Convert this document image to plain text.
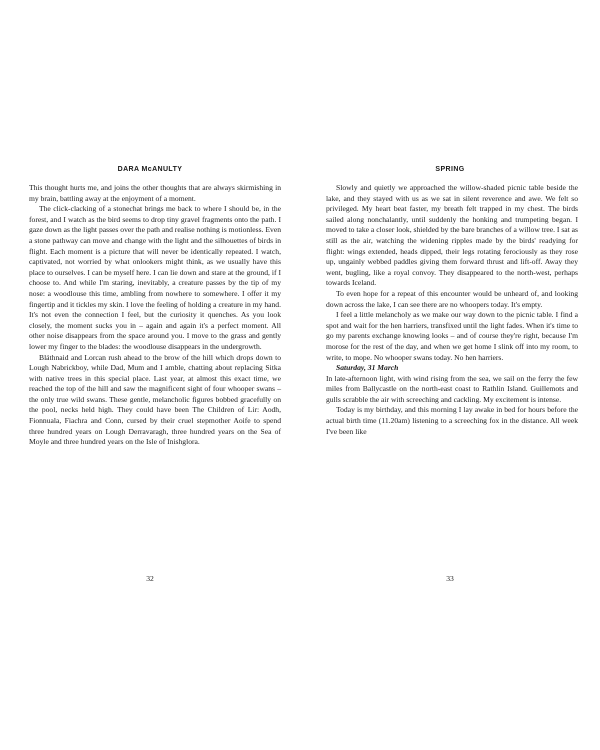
DARA McANULTY

This thought hurts me, and joins the other thoughts that are always skirmishing in my brain, battling away at the enjoyment of a moment.

The click-clacking of a stonechat brings me back to where I should be, in the forest, and I watch as the bird seems to drop tiny gravel fragments onto the path. I gaze down as the light passes over the path and realise nothing is motionless. Even a stone pathway can move and change with the light and the silhouettes of birds in flight. Each moment is a picture that will never be identically repeated. I watch, captivated, not worried by what onlookers might think, as we usually have this place to ourselves. I can be myself here. I can lie down and stare at the ground, if I choose to. And while I'm staring, inevitably, a creature passes by the tip of my nose: a woodlouse this time, ambling from nowhere to somewhere. I offer it my fingertip and it tickles my skin. I love the feeling of holding a creature in my hand. It's not even the connection I feel, but the curiosity it quenches. As you look closely, the moment sucks you in – again and again it's a perfect moment. All other noise disappears from the space around you. I move to the grass and gently lower my finger to the blades: the woodlouse disappears in the undergrowth.

Bláthnaid and Lorcan rush ahead to the brow of the hill which drops down to Lough Nabrickboy, while Dad, Mum and I amble, chatting about replacing Sitka with native trees in this special place. Last year, at almost this exact time, we reached the top of the hill and saw the magnificent sight of four whooper swans – the only true wild swans. These gentle, melancholic figures bobbed gracefully on the pool, necks held high. They could have been The Children of Lir: Aodh, Fionnuala, Fiachra and Conn, cursed by their cruel stepmother Aoife to spend three hundred years on Lough Derravaragh, three hundred years on the Sea of Moyle and three hundred years on the Isle of Inishglora.

32
SPRING

Slowly and quietly we approached the willow-shaded picnic table beside the lake, and they stayed with us as we sat in silent reverence and awe. We felt so privileged. My heart beat faster, my breath felt trapped in my chest. The birds sailed along nonchalantly, until suddenly the honking and trumpeting began. I moved to take a closer look, shielded by the bare branches of a willow tree. I sat as still as the air, watching the widening ripples made by the birds' readying for flight: wings extended, heads dipped, their legs rotating ferociously as they rose up, ungainly webbed paddles giving them forward thrust and lift-off. Away they went, bugling, like a royal convoy. They disappeared to the north-west, perhaps towards Iceland.

To even hope for a repeat of this encounter would be unheard of, and looking down across the lake, I can see there are no whoopers today. It's empty.

I feel a little melancholy as we make our way down to the picnic table. I find a spot and wait for the hen harriers, transfixed until the light fades. When it's time to go my parents exchange knowing looks – and of course they're right, because I'm morose for the rest of the day, and when we get home I slink off into my room, to write, to mope. No whooper swans today. No hen harriers.

Saturday, 31 March

In late-afternoon light, with wind rising from the sea, we sail on the ferry the few miles from Ballycastle on the north-east coast to Rathlin Island. Guillemots and gulls scrabble the air with screeching and cackling. My excitement is intense.

Today is my birthday, and this morning I lay awake in bed for hours before the actual birth time (11.20am) listening to a screeching fox in the distance. All week I've been like

33
